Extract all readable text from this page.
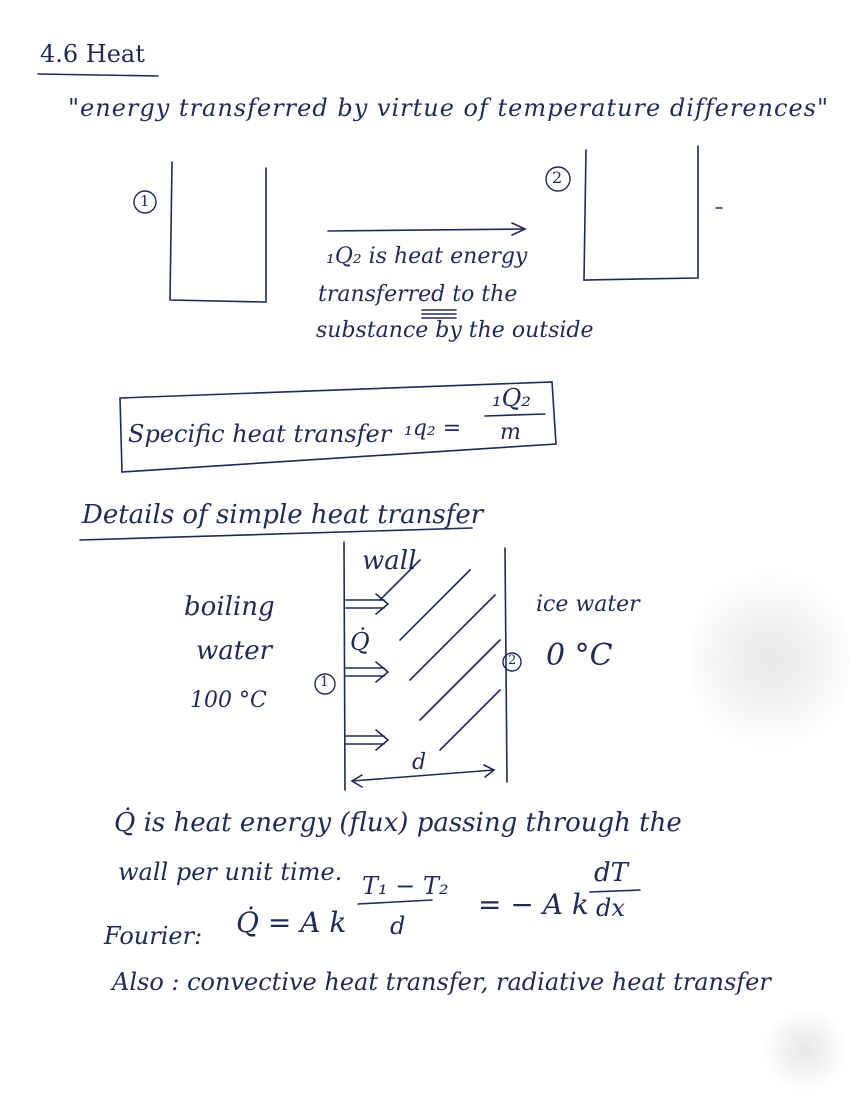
4.6 Heat
"energy transferred by virtue of temperature differences"
1
2
₁Q₂ is heat energy
transferred to the
substance by the outside
Specific heat transfer ₁q₂ =
₁Q₂
m
Details of simple heat transfer
wall
boiling
water
100 °C
ice water
0 °C
1
2
Q̇
d
Q̇ is heat energy (flux) passing through the
wall per unit time.
Fourier: Q̇ = A k
T₁ − T₂
d
= − A k
dT
dx
Also : convective heat transfer, radiative heat transfer
